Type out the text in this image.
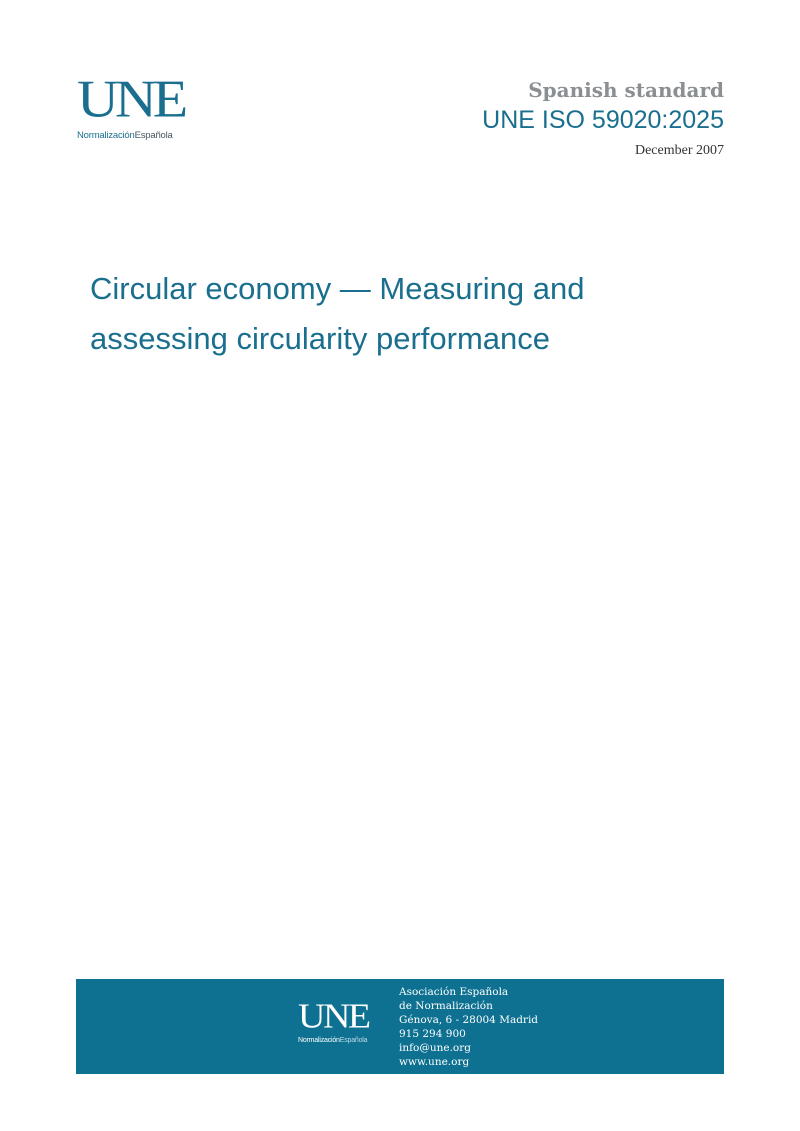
UNE
NormalizaciónEspañola
Spanish standard
UNE ISO 59020:2025
December 2007
Circular economy — Measuring and
assessing circularity performance
UNE
NormalizaciónEspañola
Asociación Española
de Normalización
Génova, 6 - 28004 Madrid
915 294 900
info@une.org
www.une.org
